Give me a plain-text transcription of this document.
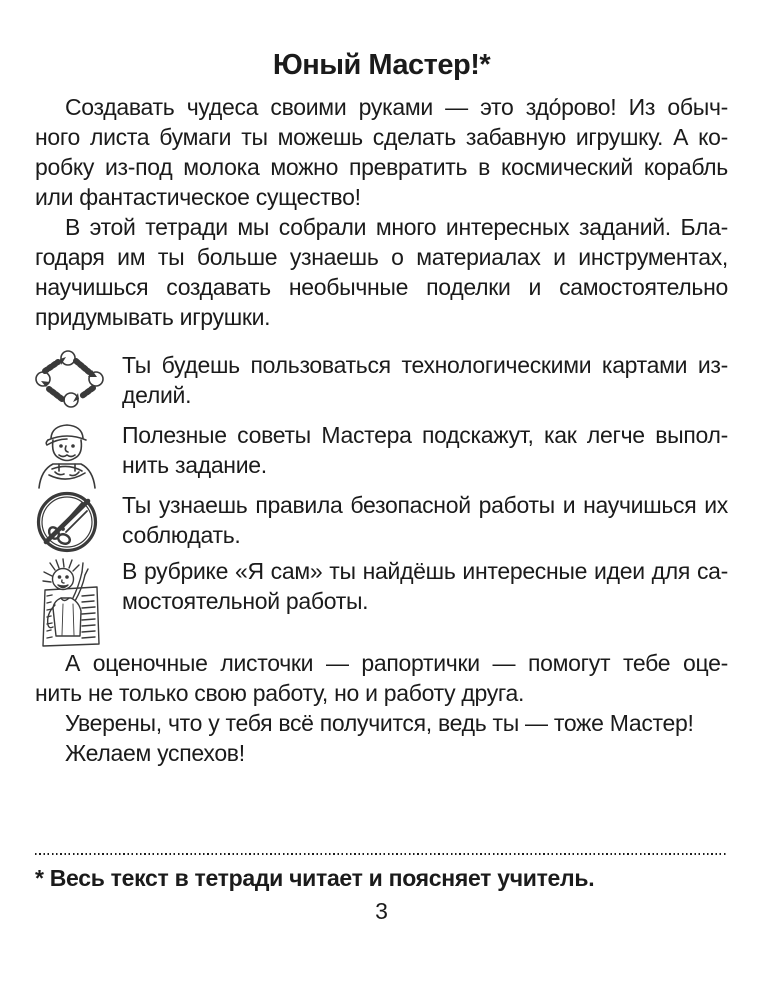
Юный Мастер!*
Создавать чудеса своими руками — это здо́рово! Из обыч-
ного листа бумаги ты можешь сделать забавную игрушку. А ко-
робку из-под молока можно превратить в космический корабль
или фантастическое существо!
В этой тетради мы собрали много интересных заданий. Бла-
годаря им ты больше узнаешь о материалах и инструментах,
научишься создавать необычные поделки и самостоятельно
придумывать игрушки.
Ты будешь пользоваться технологическими картами из-
делий.
Полезные советы Мастера подскажут, как легче выпол-
нить задание.
Ты узнаешь правила безопасной работы и научишься их
соблюдать.
В рубрике «Я сам» ты найдёшь интересные идеи для са-
мостоятельной работы.
А оценочные листочки — рапортички — помогут тебе оце-
нить не только свою работу, но и работу друга.
Уверены, что у тебя всё получится, ведь ты — тоже Мастер!
Желаем успехов!
* Весь текст в тетради читает и поясняет учитель.
3
